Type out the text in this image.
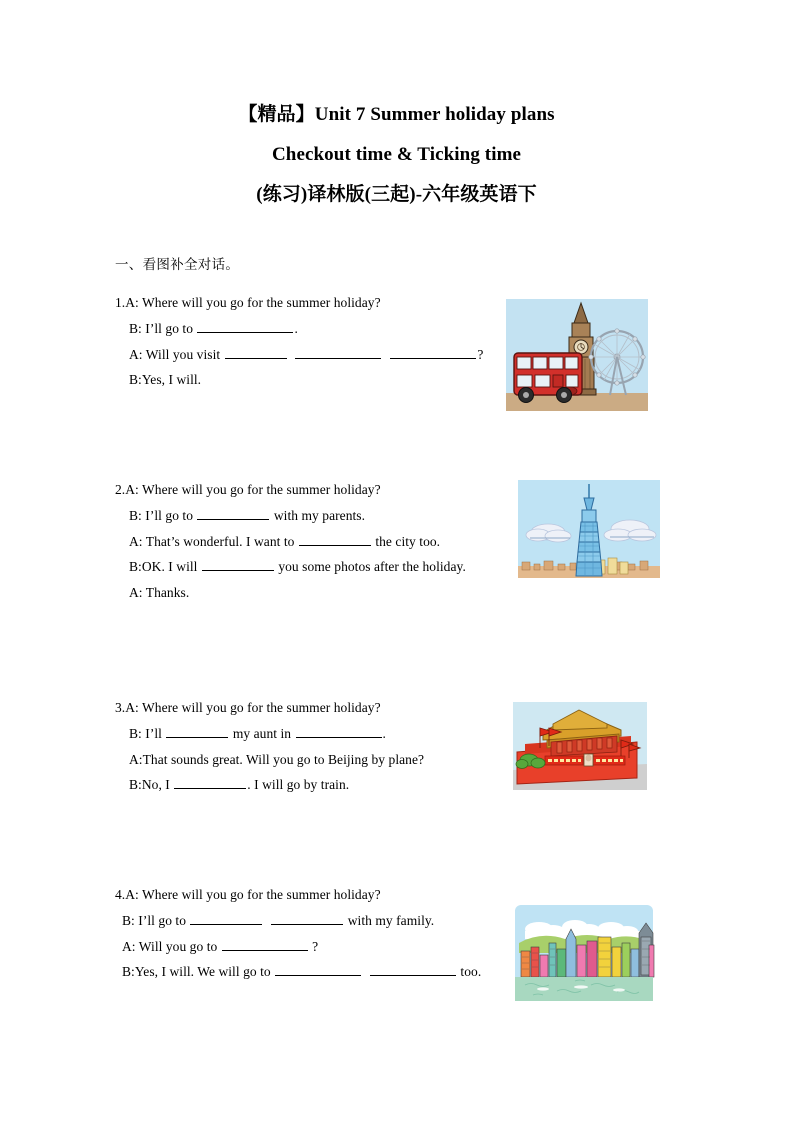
【精品】Unit 7 Summer holiday plans
Checkout time & Ticking time
(练习)译林版(三起)-六年级英语下
一、看图补全对话。
1.A: Where will you go for the summer holiday?
B: I’ll go to	.
A: Will you visit	?
B:Yes, I will.
2.A: Where will you go for the summer holiday?
B: I’ll go to	with my parents.
A: That’s wonderful. I want to	the city too.
B:OK. I will	you some photos after the holiday.
A: Thanks.
3.A: Where will you go for the summer holiday?
B: I’ll	my aunt in	.
A:That sounds great. Will you go to Beijing by plane?
B:No, I	. I will go by train.
4.A: Where will you go for the summer holiday?
B: I’ll go to	with my family.
A: Will you go to	?
B:Yes, I will. We will go to	too.
